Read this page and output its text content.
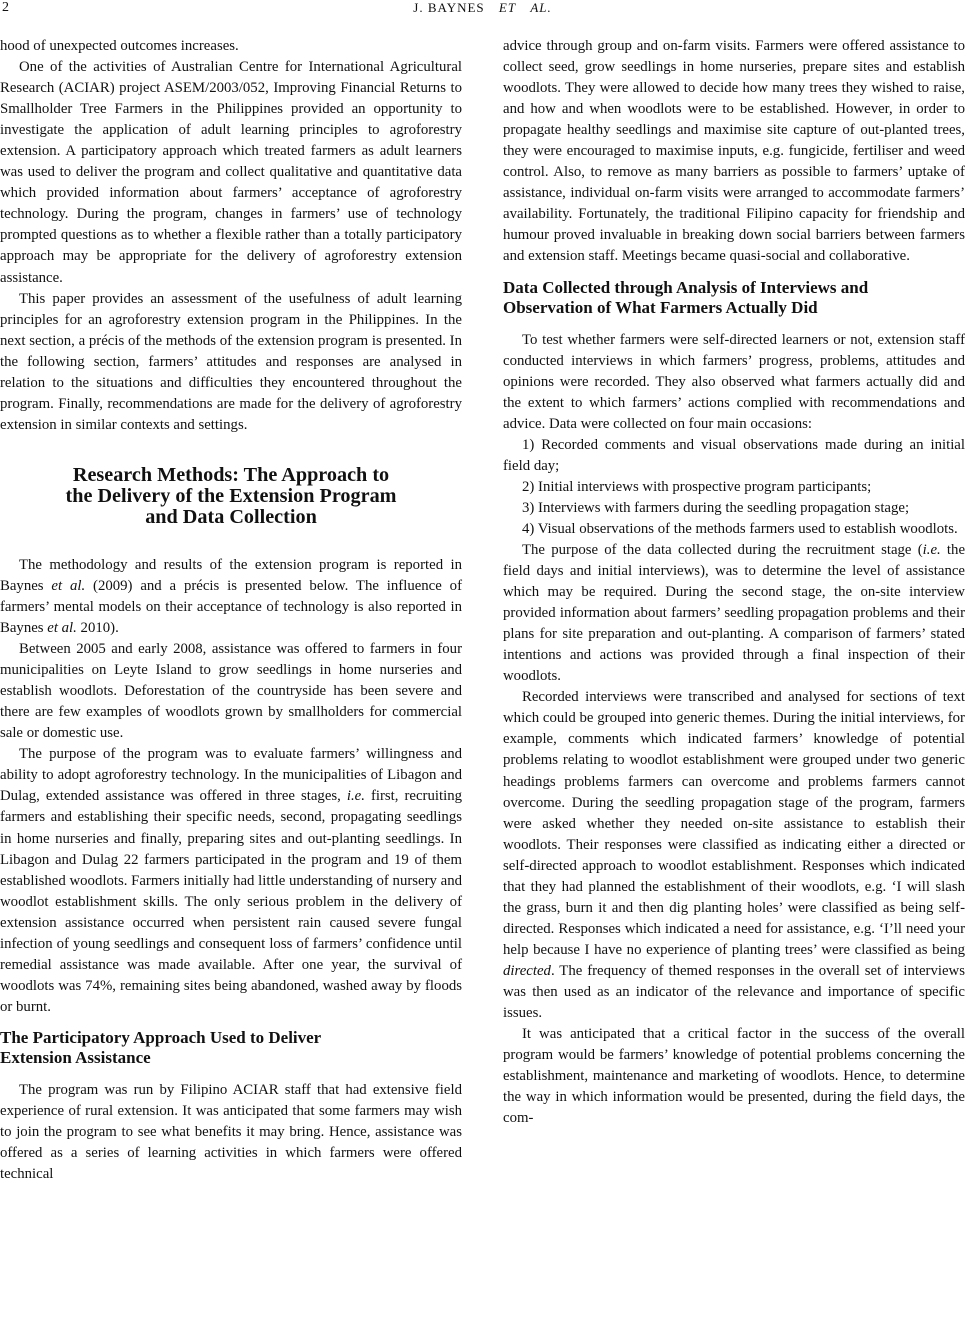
2	J. BAYNES ET AL.

hood of unexpected outcomes increases.

One of the activities of Australian Centre for International Agricultural Research (ACIAR) project ASEM/2003/052, Improving Financial Returns to Smallholder Tree Farmers in the Philippines provided an opportunity to investigate the application of adult learning principles to agroforestry extension. A participatory approach which treated farmers as adult learners was used to deliver the program and collect qualitative and quantitative data which provided information about farmers’ acceptance of agroforestry technology. During the program, changes in farmers’ use of technology prompted questions as to whether a flexible rather than a totally participatory approach may be appropriate for the delivery of agroforestry extension assistance.

This paper provides an assessment of the usefulness of adult learning principles for an agroforestry extension program in the Philippines. In the next section, a précis of the methods of the extension program is presented. In the following section, farmers’ attitudes and responses are analysed in relation to the situations and difficulties they encountered throughout the program. Finally, recommendations are made for the delivery of agroforestry extension in similar contexts and settings.

Research Methods: The Approach to
the Delivery of the Extension Program
and Data Collection

The methodology and results of the extension program is reported in Baynes et al. (2009) and a précis is presented below. The influence of farmers’ mental models on their acceptance of technology is also reported in Baynes et al. 2010).

Between 2005 and early 2008, assistance was offered to farmers in four municipalities on Leyte Island to grow seedlings in home nurseries and establish woodlots. Deforestation of the countryside has been severe and there are few examples of woodlots grown by smallholders for commercial sale or domestic use.

The purpose of the program was to evaluate farmers’ willingness and ability to adopt agroforestry technology. In the municipalities of Libagon and Dulag, extended assistance was offered in three stages, i.e. first, recruiting farmers and establishing their specific needs, second, propagating seedlings in home nurseries and finally, preparing sites and out-planting seedlings. In Libagon and Dulag 22 farmers participated in the program and 19 of them established woodlots. Farmers initially had little understanding of nursery and woodlot establishment skills. The only serious problem in the delivery of extension assistance occurred when persistent rain caused severe fungal infection of young seedlings and consequent loss of farmers’ confidence until remedial assistance was made available. After one year, the survival of woodlots was 74%, remaining sites being abandoned, washed away by floods or burnt.

The Participatory Approach Used to Deliver
Extension Assistance

The program was run by Filipino ACIAR staff that had extensive field experience of rural extension. It was anticipated that some farmers may wish to join the program to see what benefits it may bring. Hence, assistance was offered as a series of learning activities in which farmers were offered technical

advice through group and on-farm visits. Farmers were offered assistance to collect seed, grow seedlings in home nurseries, prepare sites and establish woodlots. They were allowed to decide how many trees they wished to raise, and how and when woodlots were to be established. However, in order to propagate healthy seedlings and maximise site capture of out-planted trees, they were encouraged to maximise inputs, e.g. fungicide, fertiliser and weed control. Also, to remove as many barriers as possible to farmers’ uptake of assistance, individual on-farm visits were arranged to accommodate farmers’ availability. Fortunately, the traditional Filipino capacity for friendship and humour proved invaluable in breaking down social barriers between farmers and extension staff. Meetings became quasi-social and collaborative.

Data Collected through Analysis of Interviews and
Observation of What Farmers Actually Did

To test whether farmers were self-directed learners or not, extension staff conducted interviews in which farmers’ progress, problems, attitudes and opinions were recorded. They also observed what farmers actually did and the extent to which farmers’ actions complied with recommendations and advice. Data were collected on four main occasions:

1) Recorded comments and visual observations made during an initial field day;

2) Initial interviews with prospective program participants;

3) Interviews with farmers during the seedling propagation stage;

4) Visual observations of the methods farmers used to establish woodlots.

The purpose of the data collected during the recruitment stage (i.e. the field days and initial interviews), was to determine the level of assistance which may be required. During the second stage, the on-site interview provided information about farmers’ seedling propagation problems and their plans for site preparation and out-planting. A comparison of farmers’ stated intentions and actions was provided through a final inspection of their woodlots.

Recorded interviews were transcribed and analysed for sections of text which could be grouped into generic themes. During the initial interviews, for example, comments which indicated farmers’ knowledge of potential problems relating to woodlot establishment were grouped under two generic headings problems farmers can overcome and problems farmers cannot overcome. During the seedling propagation stage of the program, farmers were asked whether they needed on-site assistance to establish their woodlots. Their responses were classified as indicating either a directed or self-directed approach to woodlot establishment. Responses which indicated that they had planned the establishment of their woodlots, e.g. ‘I will slash the grass, burn it and then dig planting holes’ were classified as being self-directed. Responses which indicated a need for assistance, e.g. ‘I’ll need your help because I have no experience of planting trees’ were classified as being directed. The frequency of themed responses in the overall set of interviews was then used as an indicator of the relevance and importance of specific issues.

It was anticipated that a critical factor in the success of the overall program would be farmers’ knowledge of potential problems concerning the establishment, maintenance and marketing of woodlots. Hence, to determine the way in which information would be presented, during the field days, the com-
